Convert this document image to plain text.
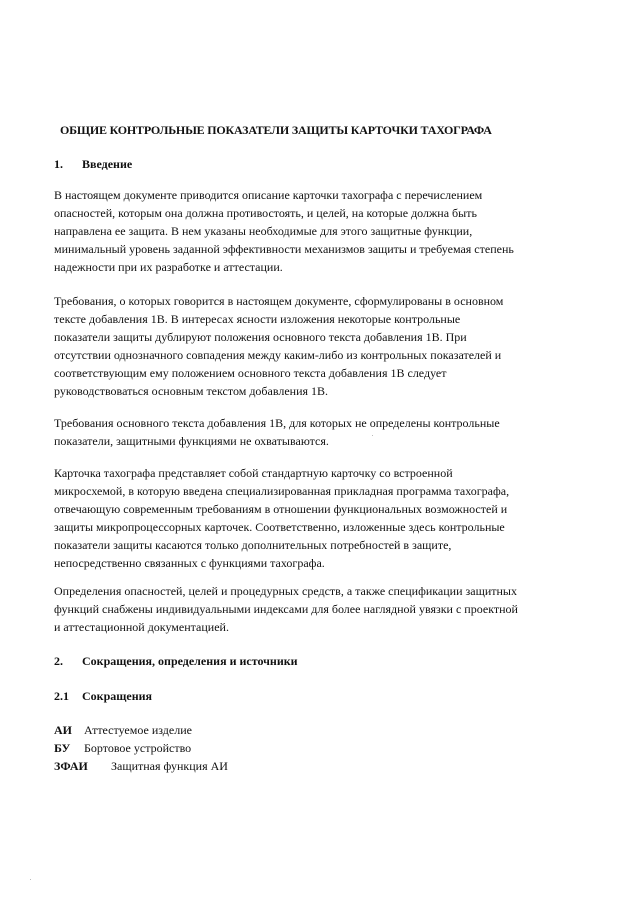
ОБЩИЕ КОНТРОЛЬНЫЕ ПОКАЗАТЕЛИ ЗАЩИТЫ КАРТОЧКИ ТАХОГРАФА
1. Введение
В настоящем документе приводится описание карточки тахографа с перечислением
опасностей, которым она должна противостоять, и целей, на которые должна быть
направлена ее защита. В нем указаны необходимые для этого защитные функции,
минимальный уровень заданной эффективности механизмов защиты и требуемая степень
надежности при их разработке и аттестации.
Требования, о которых говорится в настоящем документе, сформулированы в основном
тексте добавления 1В. В интересах ясности изложения некоторые контрольные
показатели защиты дублируют положения основного текста добавления 1В. При
отсутствии однозначного совпадения между каким-либо из контрольных показателей и
соответствующим ему положением основного текста добавления 1В следует
руководствоваться основным текстом добавления 1В.
Требования основного текста добавления 1В, для которых не определены контрольные
показатели, защитными функциями не охватываются.
Карточка тахографа представляет собой стандартную карточку со встроенной
микросхемой, в которую введена специализированная прикладная программа тахографа,
отвечающую современным требованиям в отношении функциональных возможностей и
защиты микропроцессорных карточек. Соответственно, изложенные здесь контрольные
показатели защиты касаются только дополнительных потребностей в защите,
непосредственно связанных с функциями тахографа.
Определения опасностей, целей и процедурных средств, а также спецификации защитных
функций снабжены индивидуальными индексами для более наглядной увязки с проектной
и аттестационной документацией.
2. Сокращения, определения и источники
2.1 Сокращения
АИ Аттестуемое изделие
БУ Бортовое устройство
ЗФАИ Защитная функция АИ
